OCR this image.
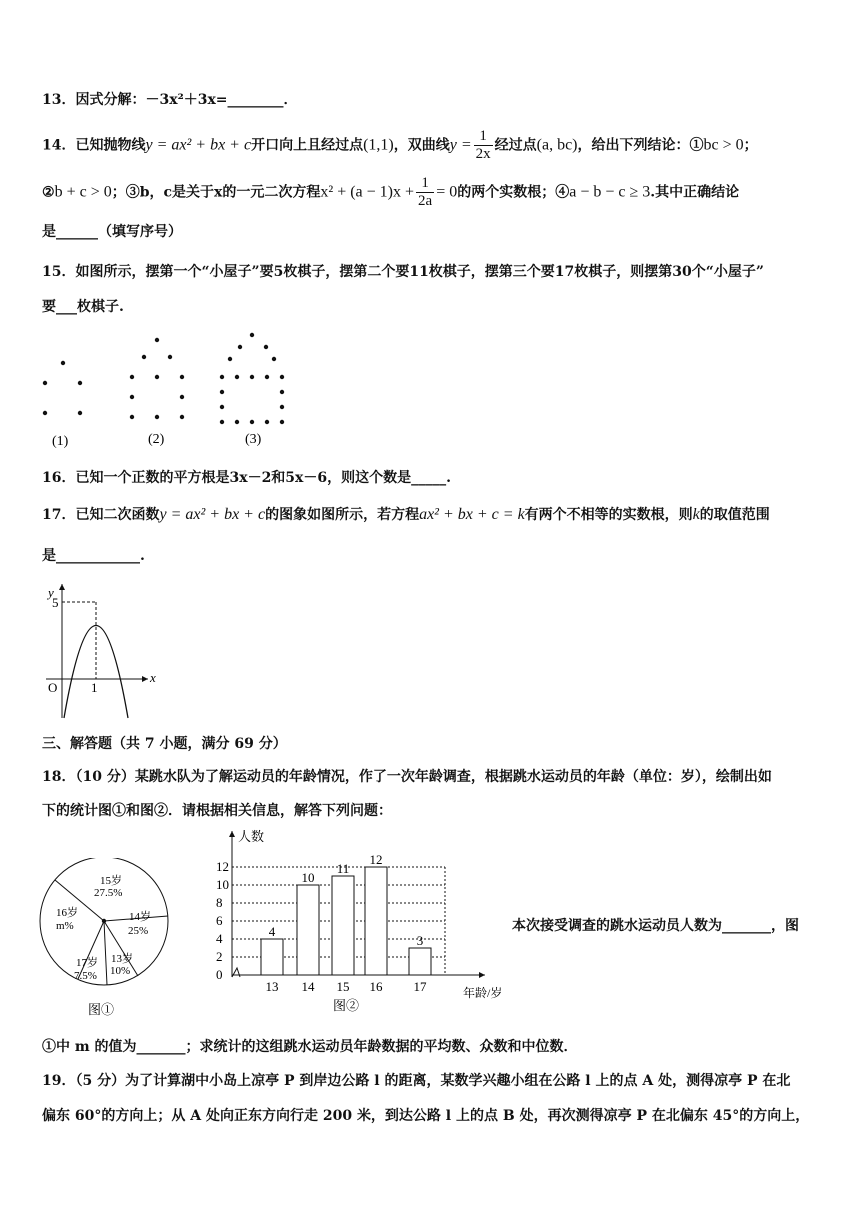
13．因式分解：－3x²＋3x=________．
14．已知抛物线y = ax² + bx + c开口向上且经过点(1,1)，双曲线$y = \frac{1}{2x}$ 经过点(a, bc)，给出下列结论：①bc > 0；
②b + c > 0；③b，c是关于x的一元二次方程$x^2 + (a - 1)x + \frac{1}{2a} = 0$的两个实数根；④a − b − c ≥ 3.其中正确结论
是______（填写序号）
15．如图所示，摆第一个“小屋子”要5枚棋子，摆第二个要11枚棋子，摆第三个要17枚棋子，则摆第30个“小屋子”
要___枚棋子.
(1)	(2)	(3)
16．已知一个正数的平方根是3x－2和5x－6，则这个数是_____.
17．已知二次函数y = ax² + bx + c的图象如图所示，若方程ax² + bx + c = k有两个不相等的实数根，则k的取值范围
是____________.
y
x
O
5
1
三、解答题（共 7 小题，满分 69 分）
18．（10 分）某跳水队为了解运动员的年龄情况，作了一次年龄调查，根据跳水运动员的年龄（单位：岁），绘制出如
下的统计图①和图②．请根据相关信息，解答下列问题：
15岁
27.5%
14岁
25%
13岁
10%
17岁
7.5%
16岁
m%
图①
人数
年龄/岁
0
2
4
6
8
10
12
4
13
10
14
11
15
12
16
3
17
图②
本次接受调查的跳水运动员人数为_______，图
①中 m 的值为_______；求统计的这组跳水运动员年龄数据的平均数、众数和中位数．
19．（5 分）为了计算湖中小岛上凉亭 P 到岸边公路 l 的距离，某数学兴趣小组在公路 l 上的点 A 处，测得凉亭 P 在北
偏东 60°的方向上；从 A 处向正东方向行走 200 米，到达公路 l 上的点 B 处，再次测得凉亭 P 在北偏东 45°的方向上，
